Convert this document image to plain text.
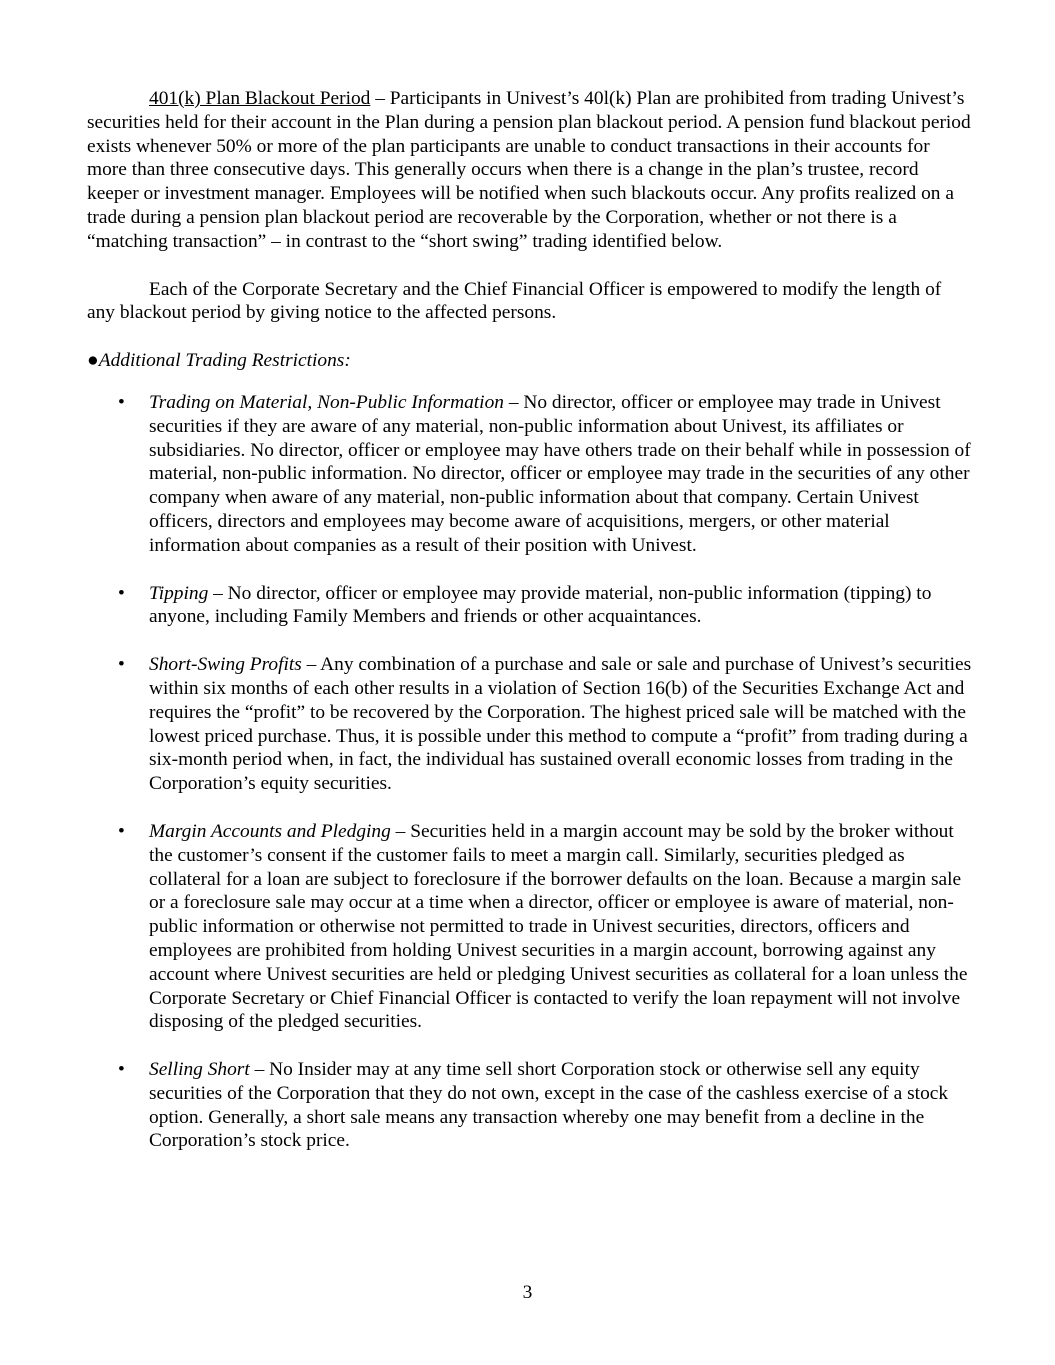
401(k) Plan Blackout Period – Participants in Univest’s 40l(k) Plan are prohibited from trading Univest’s securities held for their account in the Plan during a pension plan blackout period. A pension fund blackout period exists whenever 50% or more of the plan participants are unable to conduct transactions in their accounts for more than three consecutive days. This generally occurs when there is a change in the plan’s trustee, record keeper or investment manager. Employees will be notified when such blackouts occur. Any profits realized on a trade during a pension plan blackout period are recoverable by the Corporation, whether or not there is a “matching transaction” – in contrast to the “short swing” trading identified below.

Each of the Corporate Secretary and the Chief Financial Officer is empowered to modify the length of any blackout period by giving notice to the affected persons.

●Additional Trading Restrictions:

• Trading on Material, Non-Public Information – No director, officer or employee may trade in Univest securities if they are aware of any material, non-public information about Univest, its affiliates or subsidiaries. No director, officer or employee may have others trade on their behalf while in possession of material, non-public information. No director, officer or employee may trade in the securities of any other company when aware of any material, non-public information about that company. Certain Univest officers, directors and employees may become aware of acquisitions, mergers, or other material information about companies as a result of their position with Univest.
• Tipping – No director, officer or employee may provide material, non-public information (tipping) to anyone, including Family Members and friends or other acquaintances.
• Short-Swing Profits – Any combination of a purchase and sale or sale and purchase of Univest’s securities within six months of each other results in a violation of Section 16(b) of the Securities Exchange Act and requires the “profit” to be recovered by the Corporation. The highest priced sale will be matched with the lowest priced purchase. Thus, it is possible under this method to compute a “profit” from trading during a six-month period when, in fact, the individual has sustained overall economic losses from trading in the Corporation’s equity securities.
• Margin Accounts and Pledging – Securities held in a margin account may be sold by the broker without the customer’s consent if the customer fails to meet a margin call. Similarly, securities pledged as collateral for a loan are subject to foreclosure if the borrower defaults on the loan. Because a margin sale or a foreclosure sale may occur at a time when a director, officer or employee is aware of material, non-public information or otherwise not permitted to trade in Univest securities, directors, officers and employees are prohibited from holding Univest securities in a margin account, borrowing against any account where Univest securities are held or pledging Univest securities as collateral for a loan unless the Corporate Secretary or Chief Financial Officer is contacted to verify the loan repayment will not involve disposing of the pledged securities.
• Selling Short – No Insider may at any time sell short Corporation stock or otherwise sell any equity securities of the Corporation that they do not own, except in the case of the cashless exercise of a stock option. Generally, a short sale means any transaction whereby one may benefit from a decline in the Corporation’s stock price.
3
